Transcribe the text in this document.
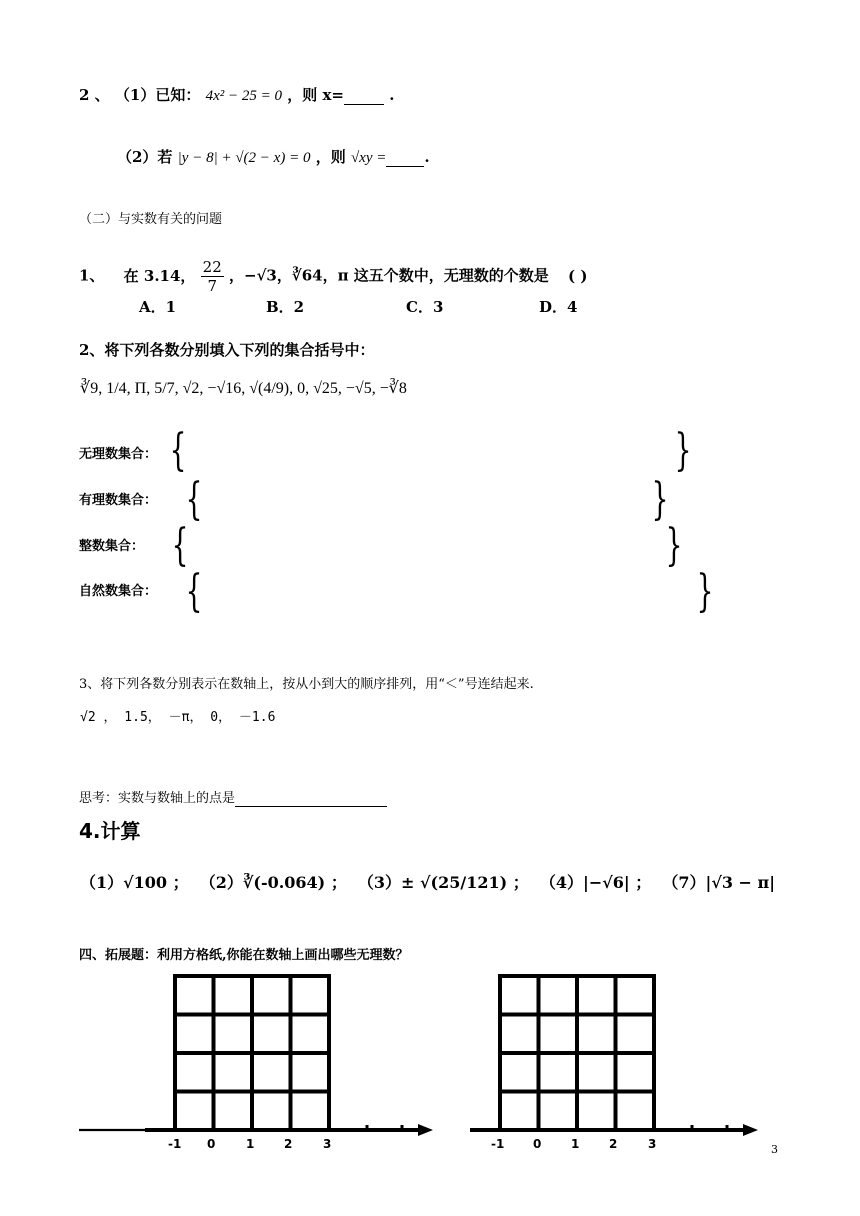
2 、 （1）已知： 4x² − 25 = 0 ，则 x=	.
（2）若 |y − 8| + √(2 − x) = 0 ，则 √xy =	.
（二）与实数有关的问题
1、 在 3.14， $\frac{22}{7}$ ，−√3，∛64，π 这五个数中，无理数的个数是 ( )
A．1	B．2	C．3	D．4
2、将下列各数分别填入下列的集合括号中：
∛9, 1/4, Π, 5/7, √2, −√16, √(4/9), 0, √25, −√5, −∛8
无理数集合： {	}
有理数集合： {	}
整数集合： {	}
自然数集合： {	}
3、将下列各数分别表示在数轴上，按从小到大的顺序排列，用“＜”号连结起来.
√2 ， 1.5， －π， 0， －1.6
思考：实数与数轴上的点是
4.计算
（1）√100 ； （2）∛(-0.064) ； （3）± √(25/121) ； （4）|−√6| ； （7）|√3 − π|
四、拓展题：利用方格纸,你能在数轴上画出哪些无理数？
-1 0	1 2	3	-1 0 1 2	3	3
